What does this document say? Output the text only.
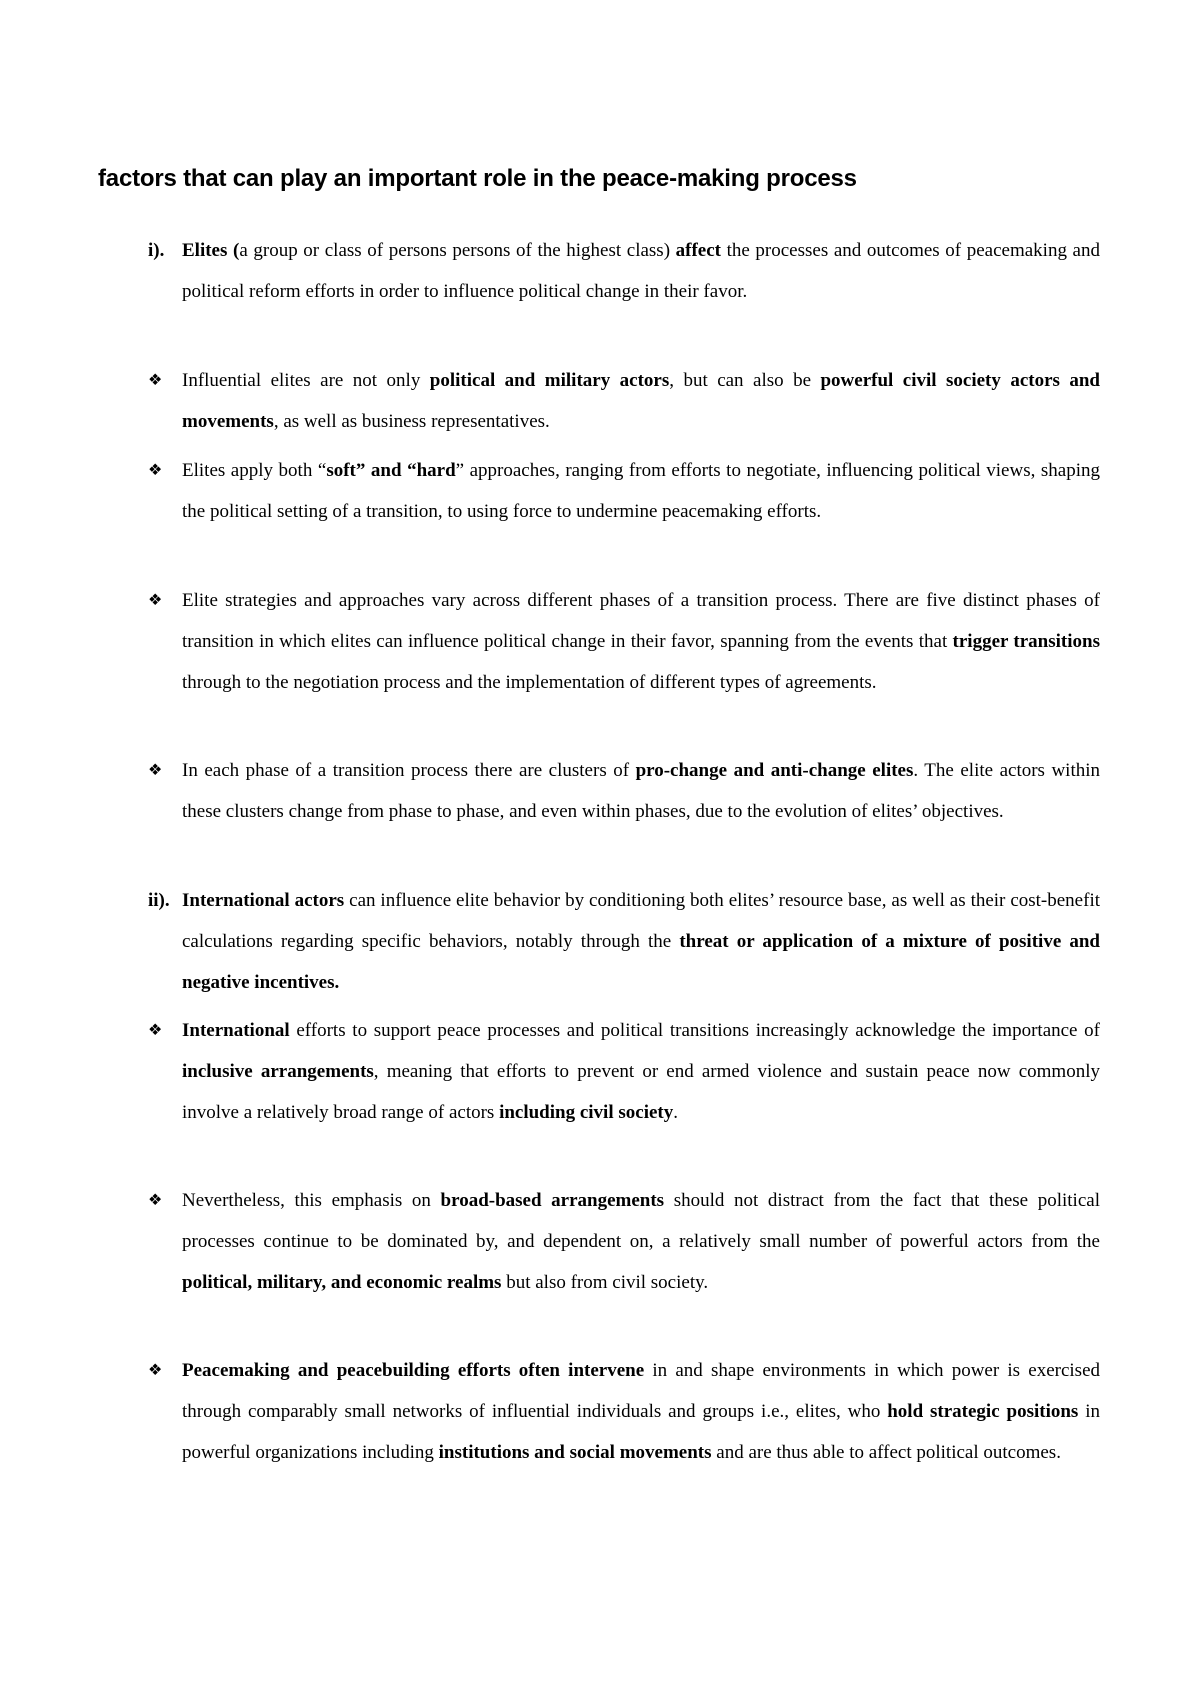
factors that can play an important role in the peace-making process
i). Elites (a group or class of persons persons of the highest class) affect the processes and outcomes of peacemaking and political reform efforts in order to influence political change in their favor.
❖ Influential elites are not only political and military actors, but can also be powerful civil society actors and movements, as well as business representatives.
❖ Elites apply both “soft” and “hard” approaches, ranging from efforts to negotiate, influencing political views, shaping the political setting of a transition, to using force to undermine peacemaking efforts.
❖ Elite strategies and approaches vary across different phases of a transition process. There are five distinct phases of transition in which elites can influence political change in their favor, spanning from the events that trigger transitions through to the negotiation process and the implementation of different types of agreements.
❖ In each phase of a transition process there are clusters of pro-change and anti-change elites. The elite actors within these clusters change from phase to phase, and even within phases, due to the evolution of elites’ objectives.
ii). International actors can influence elite behavior by conditioning both elites’ resource base, as well as their cost-benefit calculations regarding specific behaviors, notably through the threat or application of a mixture of positive and negative incentives.
❖ International efforts to support peace processes and political transitions increasingly acknowledge the importance of inclusive arrangements, meaning that efforts to prevent or end armed violence and sustain peace now commonly involve a relatively broad range of actors including civil society.
❖ Nevertheless, this emphasis on broad-based arrangements should not distract from the fact that these political processes continue to be dominated by, and dependent on, a relatively small number of powerful actors from the political, military, and economic realms but also from civil society.
❖ Peacemaking and peacebuilding efforts often intervene in and shape environments in which power is exercised through comparably small networks of influential individuals and groups i.e., elites, who hold strategic positions in powerful organizations including institutions and social movements and are thus able to affect political outcomes.
